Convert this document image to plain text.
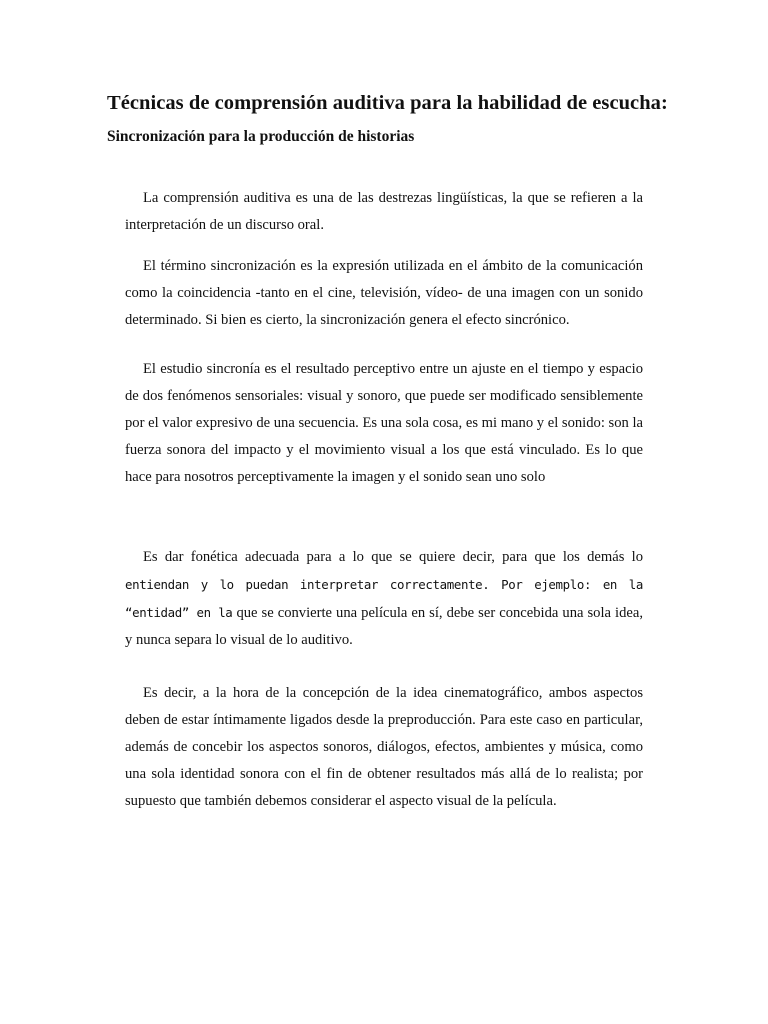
Técnicas de comprensión auditiva para la habilidad de escucha:
Sincronización para la producción de historias

La comprensión auditiva es una de las destrezas lingüísticas, la que se refieren a la interpretación de un discurso oral.

El término sincronización es la expresión utilizada en el ámbito de la comunicación como la coincidencia -tanto en el cine, televisión, vídeo- de una imagen con un sonido determinado. Si bien es cierto, la sincronización genera el efecto sincrónico.

El estudio sincronía es el resultado perceptivo entre un ajuste en el tiempo y espacio de dos fenómenos sensoriales: visual y sonoro, que puede ser modificado sensiblemente por el valor expresivo de una secuencia. Es una sola cosa, es mi mano y el sonido: son la fuerza sonora del impacto y el movimiento visual a los que está vinculado. Es lo que hace para nosotros perceptivamente la imagen y el sonido sean uno solo

Es dar fonética adecuada para a lo que se quiere decir, para que los demás lo entiendan y lo puedan interpretar correctamente. Por ejemplo: en la “entidad” en la que se convierte una película en sí, debe ser concebida una sola idea, y nunca separa lo visual de lo auditivo.

Es decir, a la hora de la concepción de la idea cinematográfico, ambos aspectos deben de estar íntimamente ligados desde la preproducción. Para este caso en particular, además de concebir los aspectos sonoros, diálogos, efectos, ambientes y música, como una sola identidad sonora con el fin de obtener resultados más allá de lo realista; por supuesto que también debemos considerar el aspecto visual de la película.
